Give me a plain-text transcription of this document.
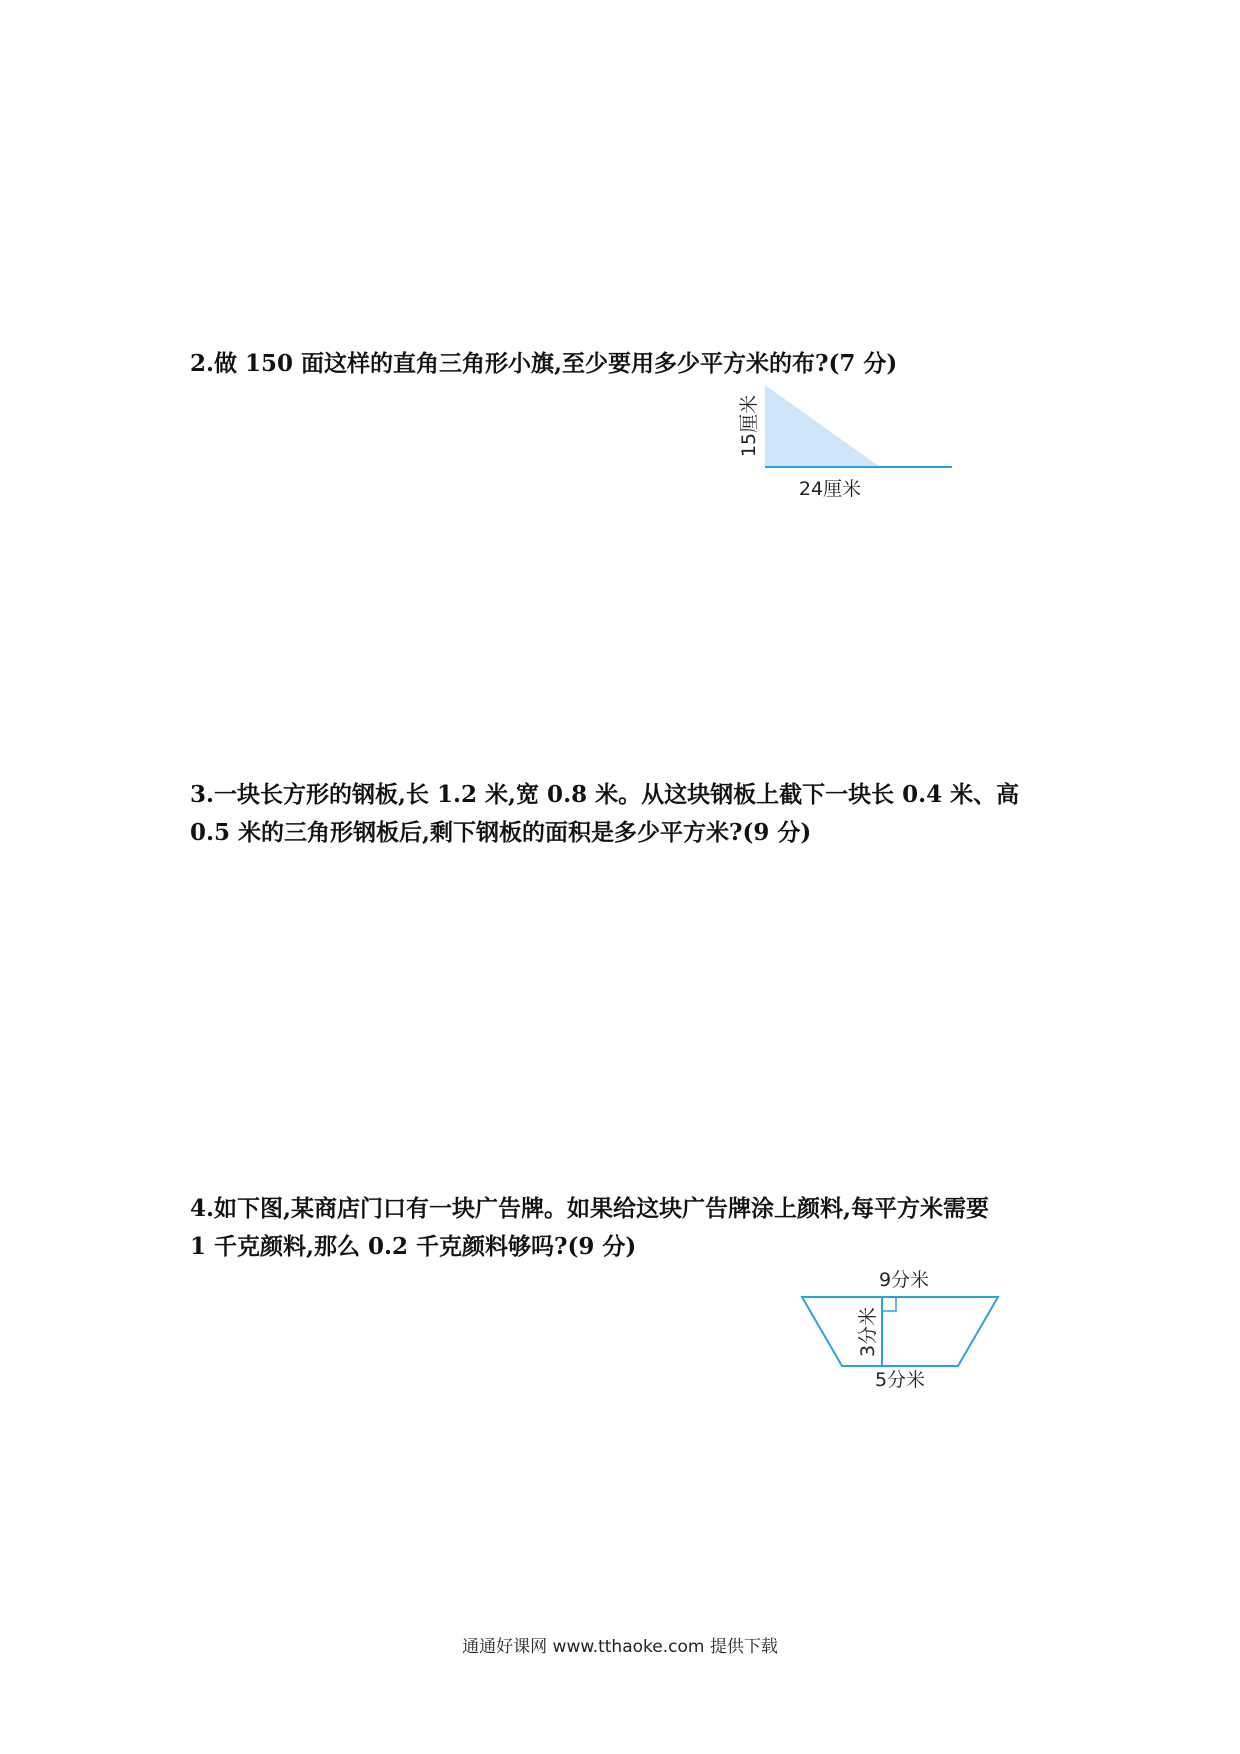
2.做 150 面这样的直角三角形小旗,至少要用多少平方米的布?(7 分)

15厘米
24厘米
3.一块长方形的钢板,长 1.2 米,宽 0.8 米。从这块钢板上截下一块长 0.4 米、高
0.5 米的三角形钢板后,剩下钢板的面积是多少平方米?(9 分)
4.如下图,某商店门口有一块广告牌。如果给这块广告牌涂上颜料,每平方米需要
1 千克颜料,那么 0.2 千克颜料够吗?(9 分)
9分米
3分米
5分米
通通好课网 www.tthaoke.com 提供下载
